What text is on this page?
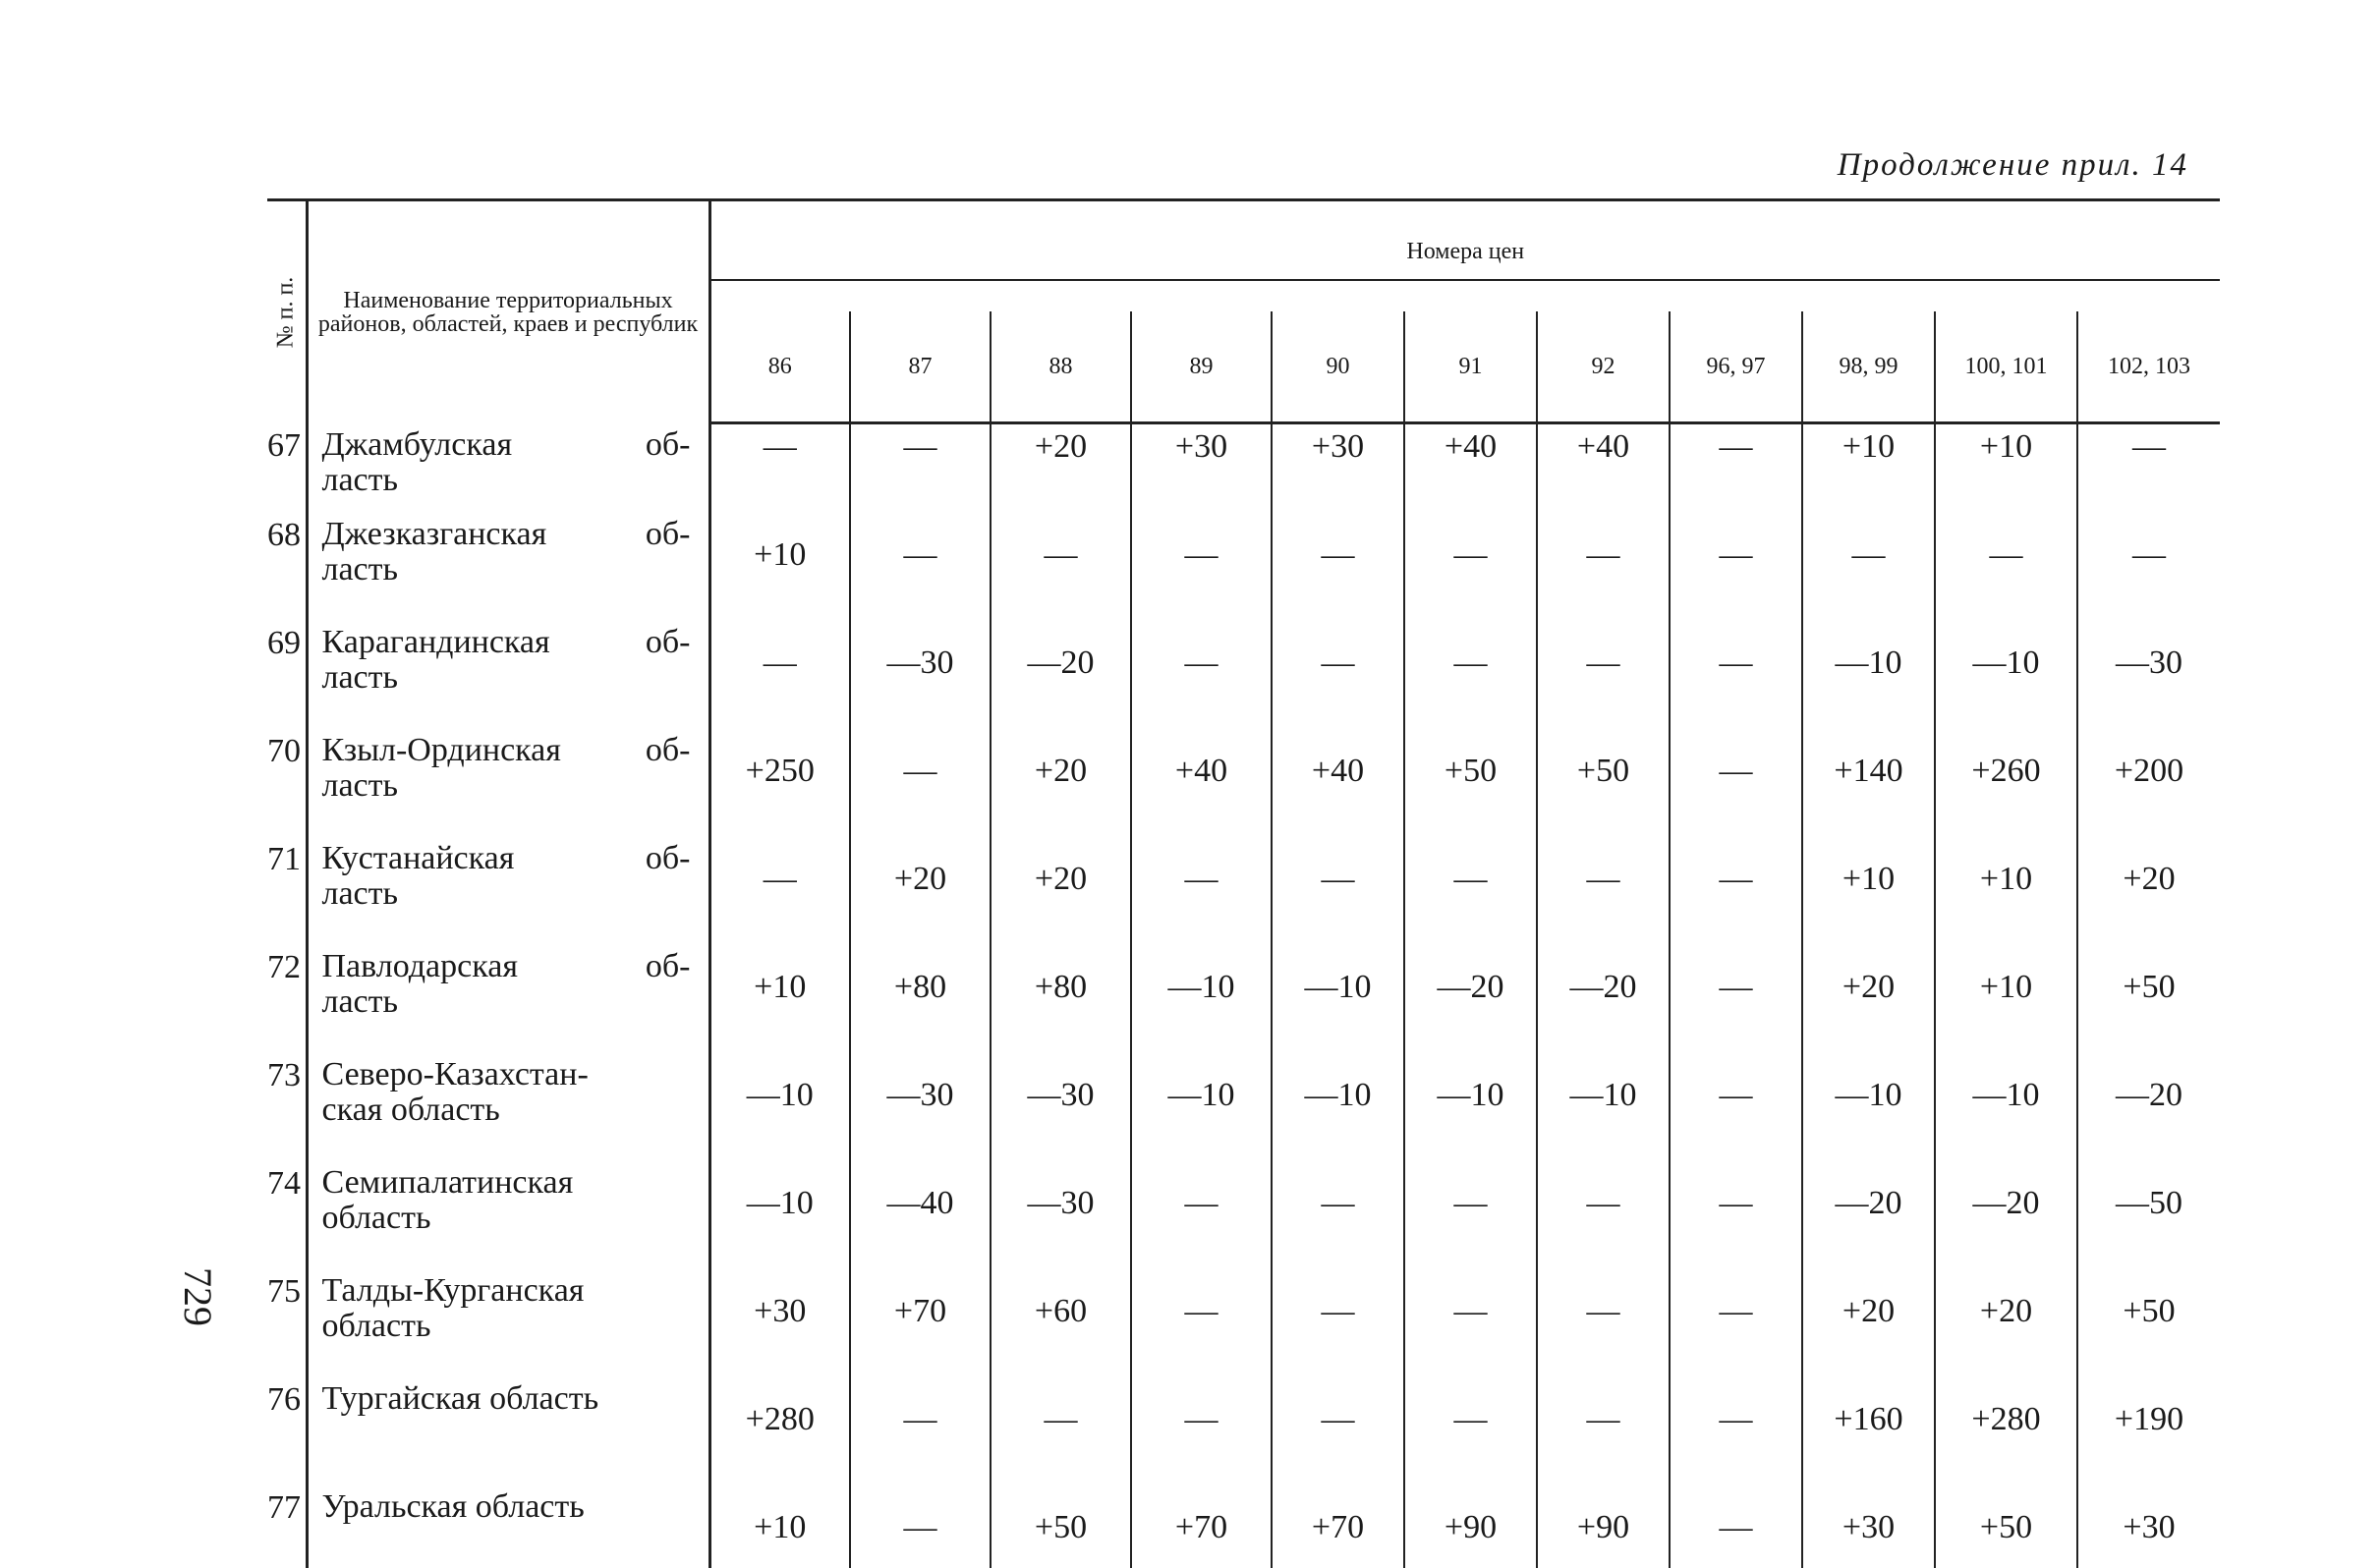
Продолжение прил. 14
729
№ п. п.	Наименование территориальных районов, областей, краев и республик	Номера цен										

		86	87	88	89	90	91	92	96, 97	98, 99	100, 101	102, 103
67	Джамбулская об-
ласть	—	—	+20	+30	+30	+40	+40	—	+10	+10	—
68	Джезказганская об-
ласть	+10	—	—	—	—	—	—	—	—	—	—
69	Карагандинская об-
ласть	—	—30	—20	—	—	—	—	—	—10	—10	—30
70	Кзыл-Ординская об-
ласть	+250	—	+20	+40	+40	+50	+50	—	+140	+260	+200
71	Кустанайская об-
ласть	—	+20	+20	—	—	—	—	—	+10	+10	+20
72	Павлодарская об-
ласть	+10	+80	+80	—10	—10	—20	—20	—	+20	+10	+50
73	Северо-Казахстан-
ская область	—10	—30	—30	—10	—10	—10	—10	—	—10	—10	—20
74	Семипалатинская
область	—10	—40	—30	—	—	—	—	—	—20	—20	—50
75	Талды-Курганская
область	+30	+70	+60	—	—	—	—	—	+20	+20	+50
76	Тургайская область	+280	—	—	—	—	—	—	—	+160	+280	+190
77	Уральская область	+10	—	+50	+70	+70	+90	+90	—	+30	+50	+30
